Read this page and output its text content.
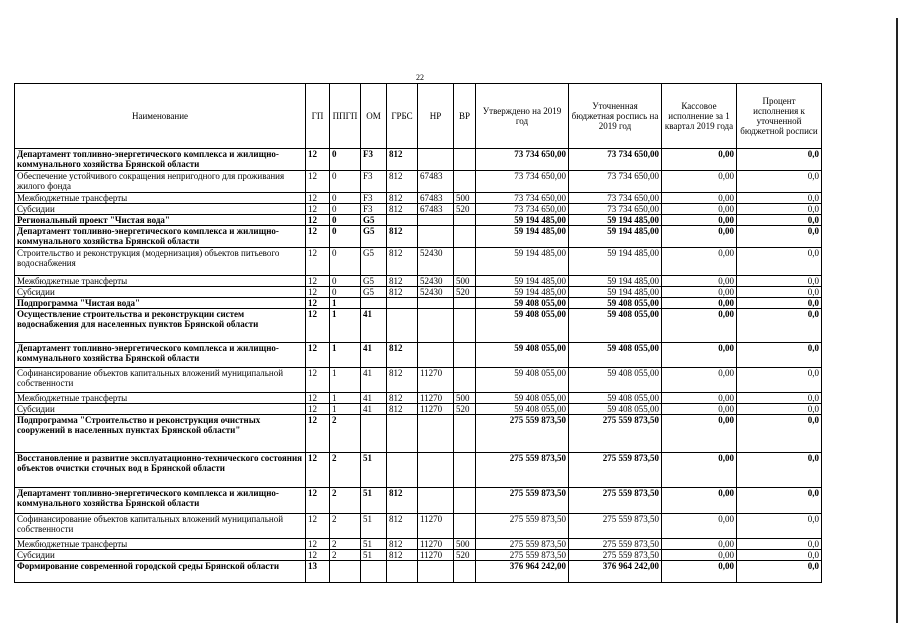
22
Наименование	ГП	ППГП	ОМ	ГРБС	НР	ВР	Утверждено на 2019 год	Уточненная бюджетная роспись на 2019 год	Кассовое исполнение за 1 квартал 2019 года	Процент исполнения к уточненной бюджетной росписи
Департамент топливно-энергетического комплекса и жилищно-коммунального хозяйства Брянской области	12	0	F3	812			73 734 650,00	73 734 650,00	0,00	0,0
Обеспечение устойчивого сокращения непригодного для проживания жилого фонда	12	0	F3	812	67483		73 734 650,00	73 734 650,00	0,00	0,0
Межбюджетные трансферты	12	0	F3	812	67483	500	73 734 650,00	73 734 650,00	0,00	0,0
Субсидии	12	0	F3	812	67483	520	73 734 650,00	73 734 650,00	0,00	0,0
Региональный проект "Чистая вода"	12	0	G5				59 194 485,00	59 194 485,00	0,00	0,0
Департамент топливно-энергетического комплекса и жилищно-коммунального хозяйства Брянской области	12	0	G5	812			59 194 485,00	59 194 485,00	0,00	0,0
Строительство и реконструкция (модернизация) объектов питьевого водоснабжения	12	0	G5	812	52430		59 194 485,00	59 194 485,00	0,00	0,0
Межбюджетные трансферты	12	0	G5	812	52430	500	59 194 485,00	59 194 485,00	0,00	0,0
Субсидии	12	0	G5	812	52430	520	59 194 485,00	59 194 485,00	0,00	0,0
Подпрограмма "Чистая вода"	12	1					59 408 055,00	59 408 055,00	0,00	0,0
Осуществление строительства и реконструкции систем водоснабжения для населенных пунктов Брянской области	12	1	41				59 408 055,00	59 408 055,00	0,00	0,0
Департамент топливно-энергетического комплекса и жилищно-коммунального хозяйства Брянской области	12	1	41	812			59 408 055,00	59 408 055,00	0,00	0,0
Софинансирование объектов капитальных вложений муниципальной собственности	12	1	41	812	11270		59 408 055,00	59 408 055,00	0,00	0,0
Межбюджетные трансферты	12	1	41	812	11270	500	59 408 055,00	59 408 055,00	0,00	0,0
Субсидии	12	1	41	812	11270	520	59 408 055,00	59 408 055,00	0,00	0,0
Подпрограмма "Строительство и реконструкция очистных сооружений в населенных пунктах Брянской области"	12	2					275 559 873,50	275 559 873,50	0,00	0,0
Восстановление и развитие эксплуатационно-технического состояния объектов очистки сточных вод в Брянской области	12	2	51				275 559 873,50	275 559 873,50	0,00	0,0
Департамент топливно-энергетического комплекса и жилищно-коммунального хозяйства Брянской области	12	2	51	812			275 559 873,50	275 559 873,50	0,00	0,0
Софинансирование объектов капитальных вложений муниципальной собственности	12	2	51	812	11270		275 559 873,50	275 559 873,50	0,00	0,0
Межбюджетные трансферты	12	2	51	812	11270	500	275 559 873,50	275 559 873,50	0,00	0,0
Субсидии	12	2	51	812	11270	520	275 559 873,50	275 559 873,50	0,00	0,0
Формирование современной городской среды Брянской области	13						376 964 242,00	376 964 242,00	0,00	0,0
